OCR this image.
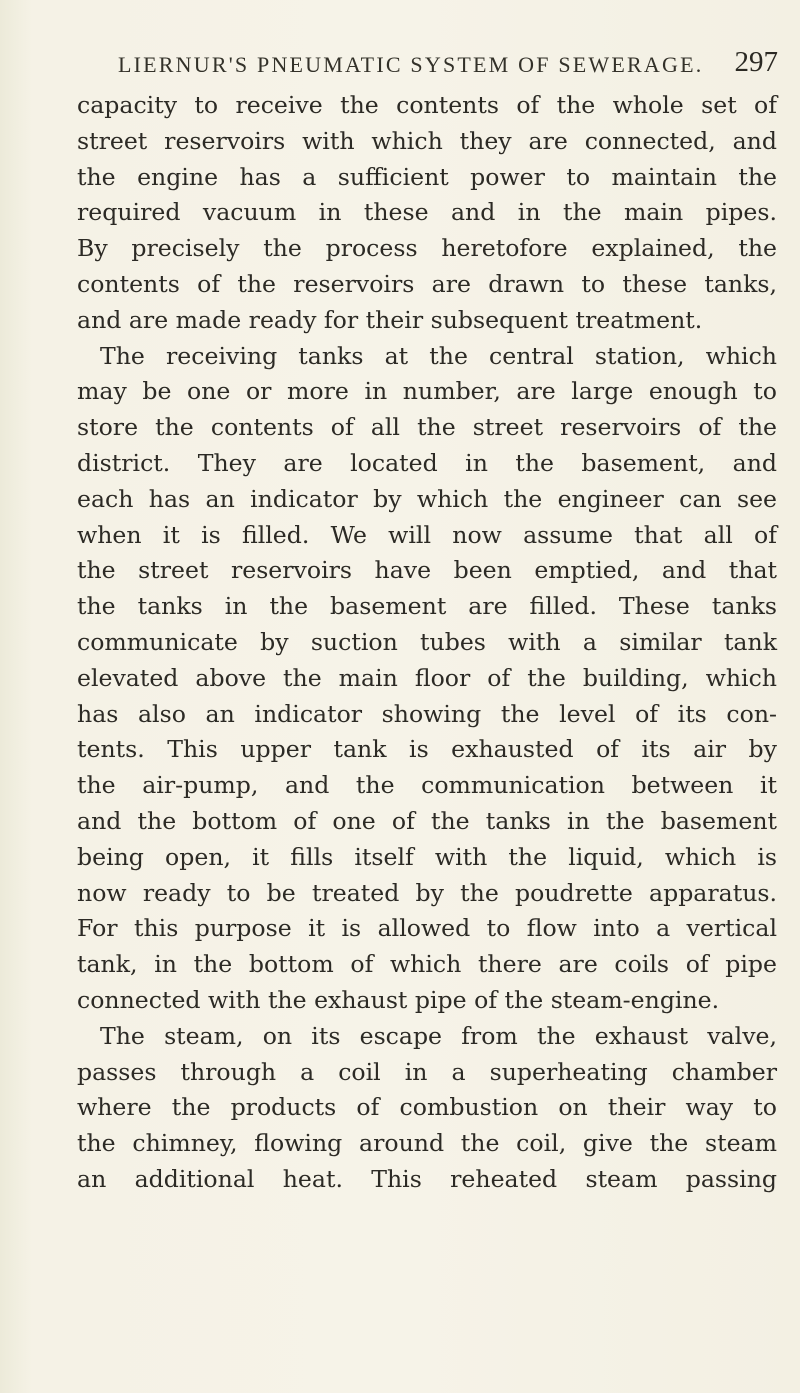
LIERNUR'S PNEUMATIC SYSTEM OF SEWERAGE. 297
capacity to receive the contents of the whole set of
street reservoirs with which they are connected, and
the engine has a sufficient power to maintain the
required vacuum in these and in the main pipes.
By precisely the process heretofore explained, the
contents of the reservoirs are drawn to these tanks,
and are made ready for their subsequent treatment.
The receiving tanks at the central station, which
may be one or more in number, are large enough to
store the contents of all the street reservoirs of the
district. They are located in the basement, and
each has an indicator by which the engineer can see
when it is filled. We will now assume that all of
the street reservoirs have been emptied, and that
the tanks in the basement are filled. These tanks
communicate by suction tubes with a similar tank
elevated above the main floor of the building, which
has also an indicator showing the level of its con-
tents. This upper tank is exhausted of its air by
the air-pump, and the communication between it
and the bottom of one of the tanks in the basement
being open, it fills itself with the liquid, which is
now ready to be treated by the poudrette apparatus.
For this purpose it is allowed to flow into a vertical
tank, in the bottom of which there are coils of pipe
connected with the exhaust pipe of the steam-engine.
The steam, on its escape from the exhaust valve,
passes through a coil in a superheating chamber
where the products of combustion on their way to
the chimney, flowing around the coil, give the steam
an additional heat. This reheated steam passing
